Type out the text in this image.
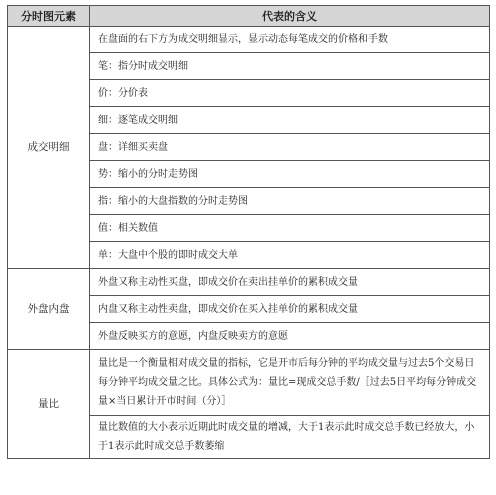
分时图元素	代表的含义
成交明细	在盘面的右下方为成交明细显示，显示动态每笔成交的价格和手数
	笔：指分时成交明细
	价：分价表
	细：逐笔成交明细
	盘：详细买卖盘
	势：缩小的分时走势图
	指：缩小的大盘指数的分时走势图
	值：相关数值
	单：大盘中个股的即时成交大单
外盘内盘	外盘又称主动性买盘，即成交价在卖出挂单价的累积成交量
	内盘又称主动性卖盘，即成交价在买入挂单价的累积成交量
	外盘反映买方的意愿，内盘反映卖方的意愿
量比	量比是一个衡量相对成交量的指标，它是开市后每分钟的平均成交量与过去5个交易日每分钟平均成交量之比。具体公式为：量比=现成交总手数/［过去5日平均每分钟成交量×当日累计开市时间（分）］
	量比数值的大小表示近期此时成交量的增减，大于1表示此时成交总手数已经放大，小于1表示此时成交总手数萎缩
